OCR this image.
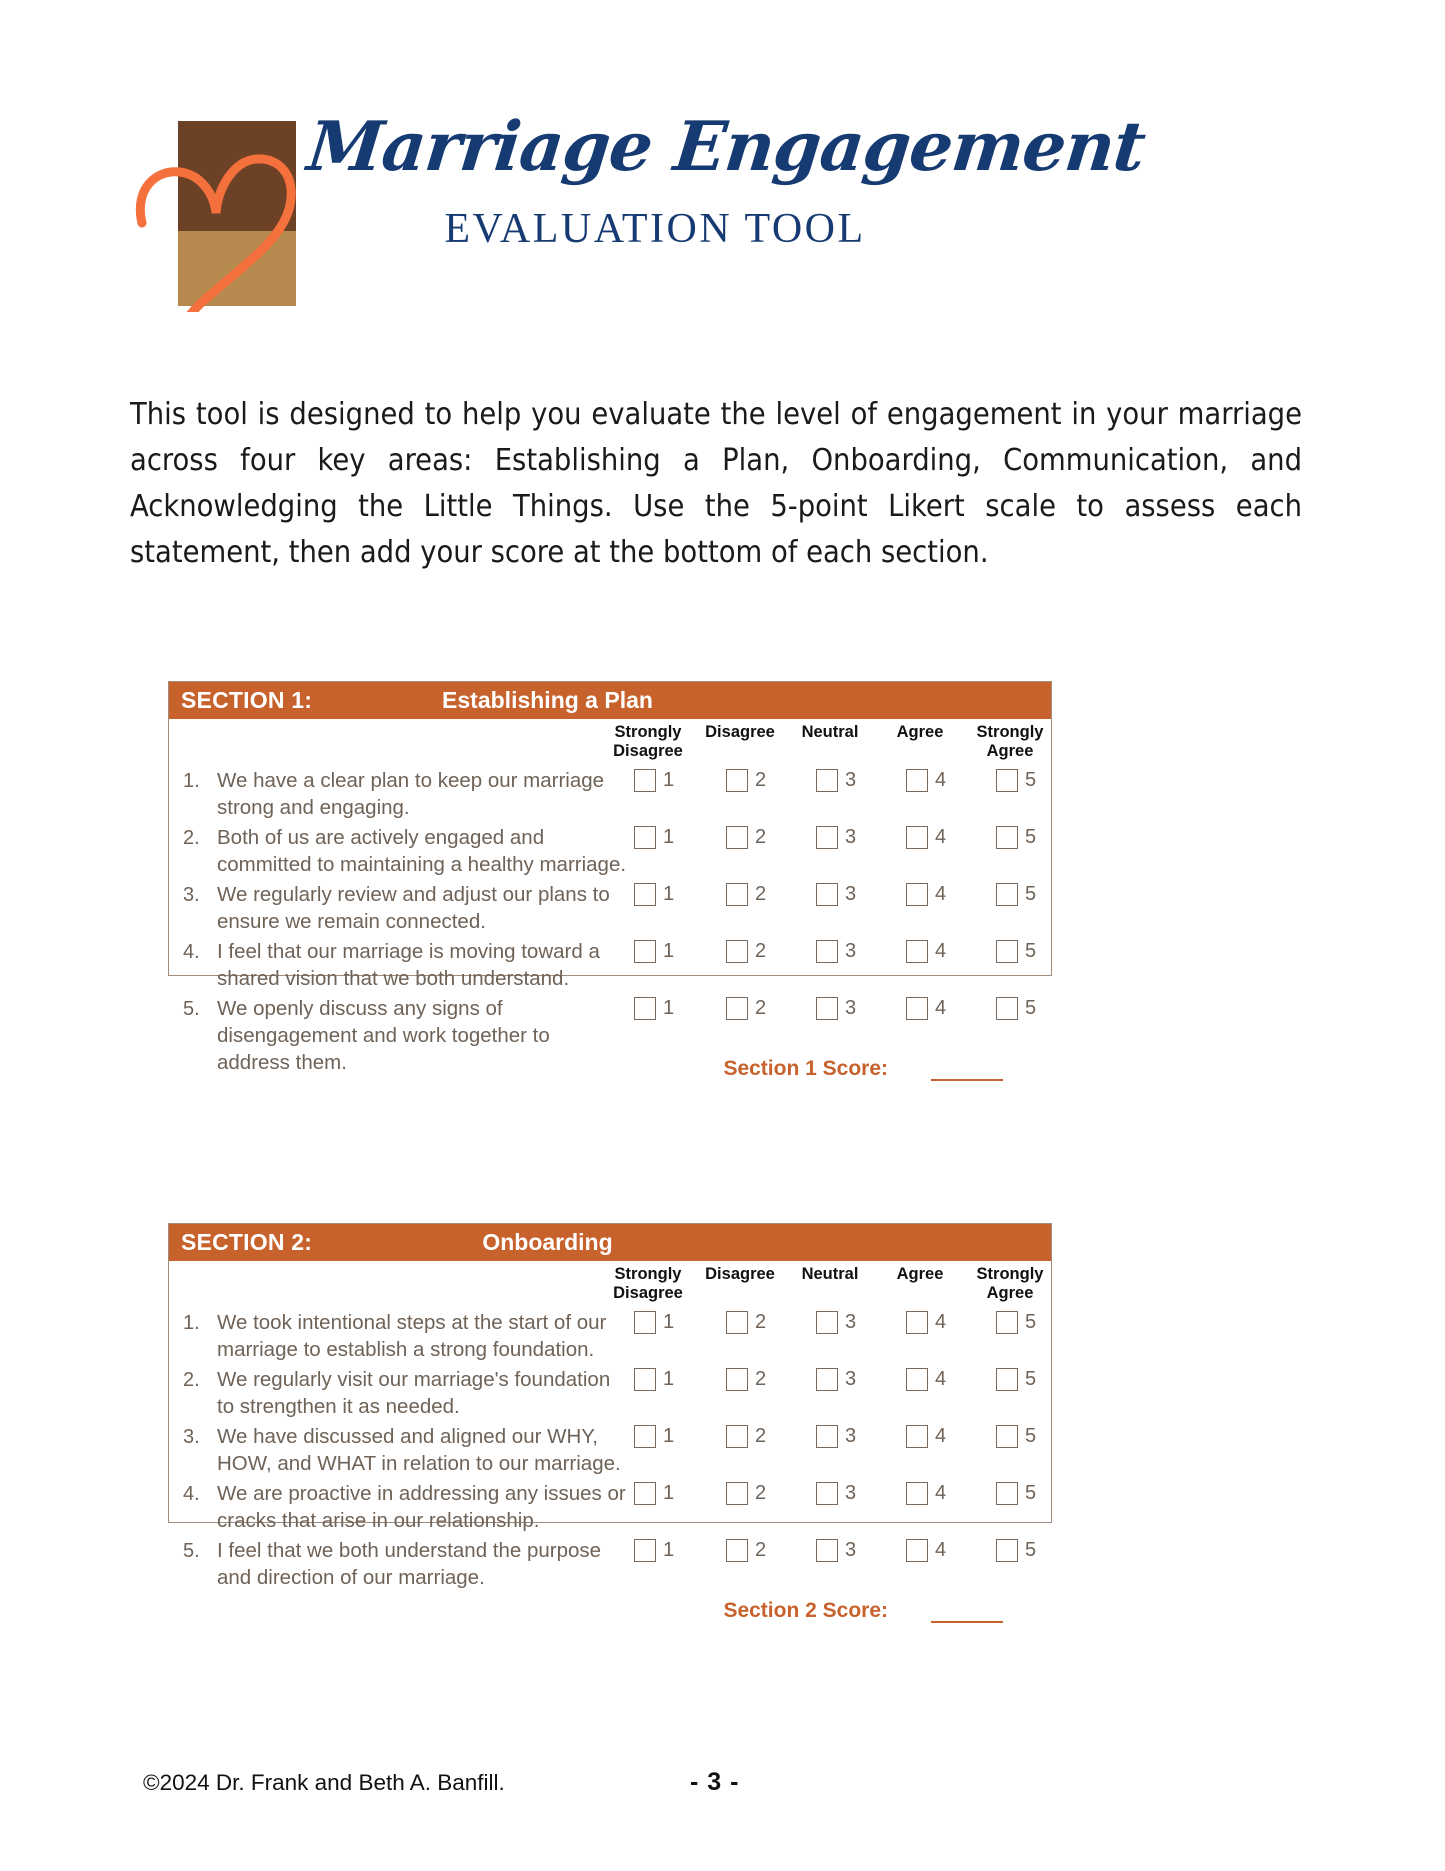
Marriage Engagement
EVALUATION TOOL
This tool is designed to help you evaluate the level of engagement in your marriage across four key areas: Establishing a Plan, Onboarding, Communication, and Acknowledging the Little Things. Use the 5-point Likert scale to assess each statement, then add your score at the bottom of each section.
SECTION 1:	Establishing a Plan
Strongly Disagree
Disagree	Neutral	Agree	Strongly Agree
1. We have a clear plan to keep our marriage strong and engaging.
1	2	3	4	5
2. Both of us are actively engaged and committed to maintaining a healthy marriage.
1	2	3	4	5
3. We regularly review and adjust our plans to ensure we remain connected.
1	2	3	4	5
4. I feel that our marriage is moving toward a shared vision that we both understand.
1	2	3	4	5
5. We openly discuss any signs of disengagement and work together to address them.
1	2	3	4	5
Section 1 Score:
SECTION 2:	Onboarding
Strongly Disagree
Disagree	Neutral	Agree	Strongly Agree
1. We took intentional steps at the start of our marriage to establish a strong foundation.
1	2	3	4	5
2. We regularly visit our marriage's foundation to strengthen it as needed.
1	2	3	4	5
3. We have discussed and aligned our WHY, HOW, and WHAT in relation to our marriage.
1	2	3	4	5
4. We are proactive in addressing any issues or cracks that arise in our relationship.
1	2	3	4	5
5. I feel that we both understand the purpose and direction of our marriage.
1	2	3	4	5
Section 2 Score:
©2024 Dr. Frank and Beth A. Banfill.	- 3 -
